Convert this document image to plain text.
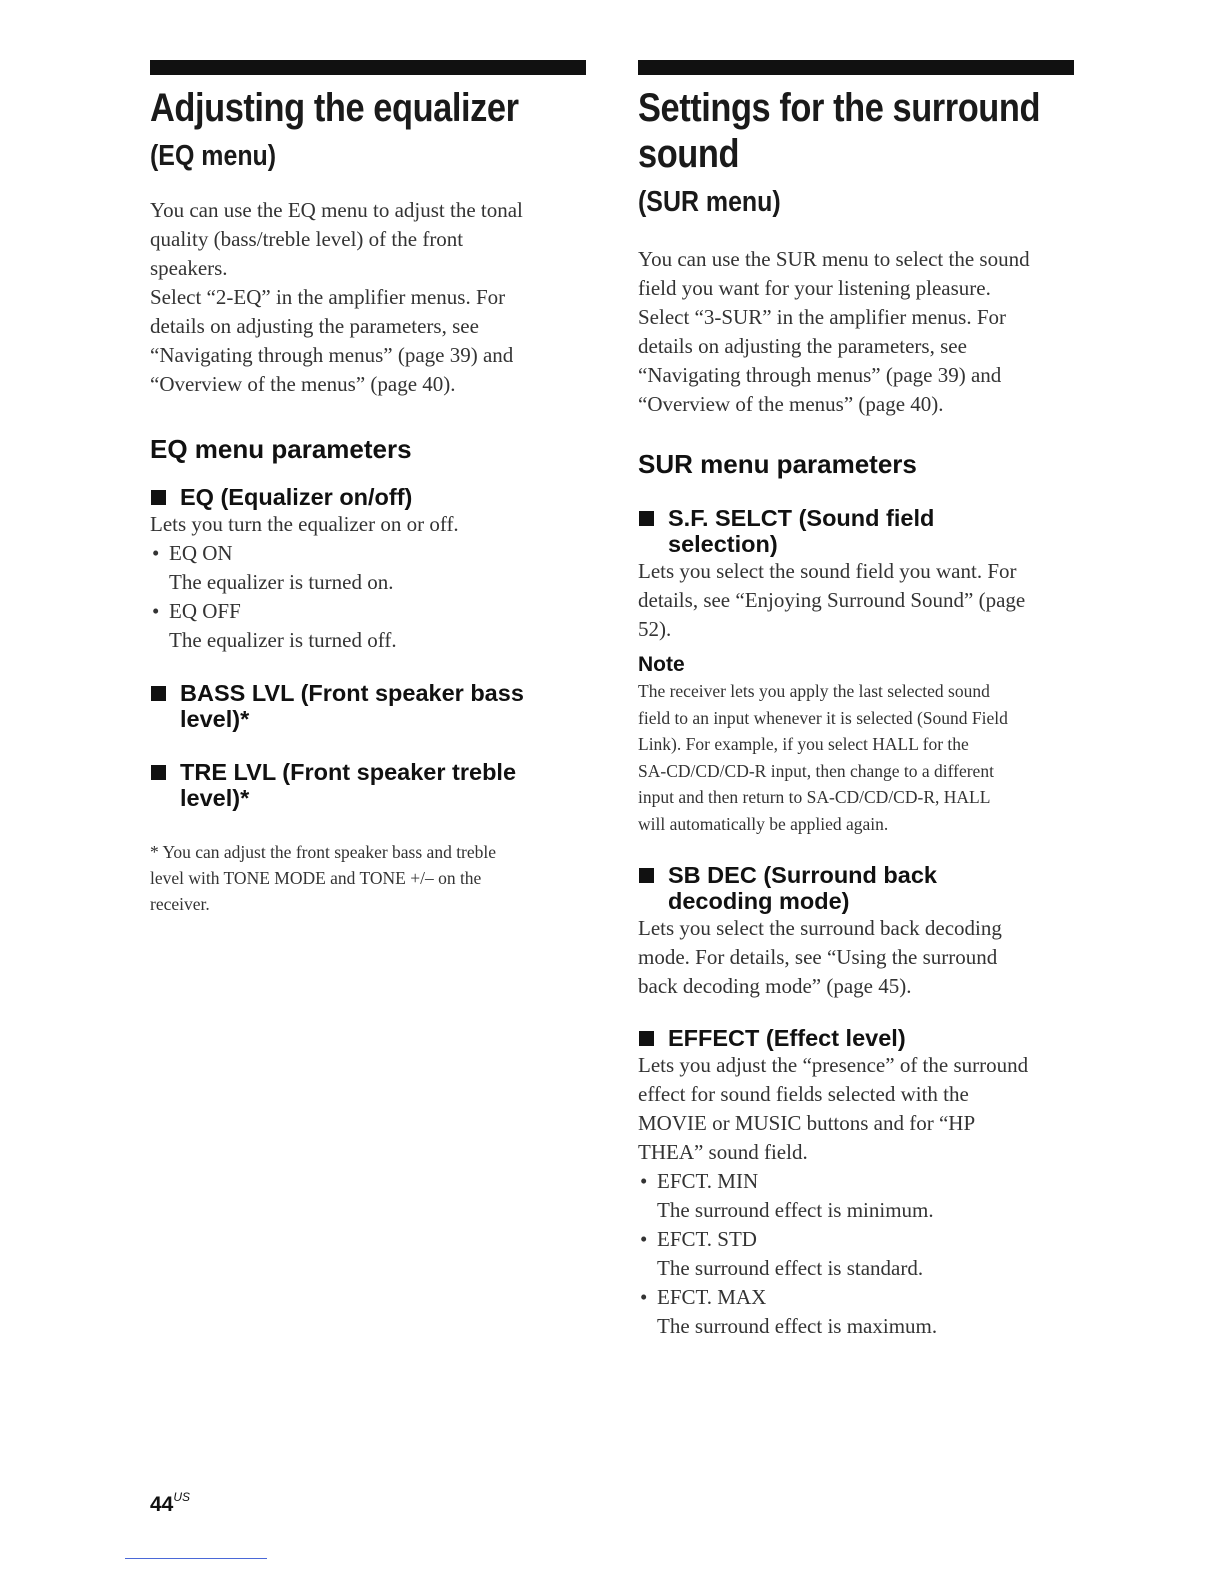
Adjusting the equalizer
(EQ menu)
You can use the EQ menu to adjust the tonal
quality (bass/treble level) of the front
speakers.
Select “2-EQ” in the amplifier menus. For
details on adjusting the parameters, see
“Navigating through menus” (page 39) and
“Overview of the menus” (page 40).
EQ menu parameters
EQ (Equalizer on/off)
Lets you turn the equalizer on or off.
• EQ ON
The equalizer is turned on.
• EQ OFF
The equalizer is turned off.
BASS LVL (Front speaker bass
level)*
TRE LVL (Front speaker treble
level)*
* You can adjust the front speaker bass and treble
level with TONE MODE and TONE +/– on the
receiver.
Settings for the surround
sound
(SUR menu)
You can use the SUR menu to select the sound
field you want for your listening pleasure.
Select “3-SUR” in the amplifier menus. For
details on adjusting the parameters, see
“Navigating through menus” (page 39) and
“Overview of the menus” (page 40).
SUR menu parameters
S.F. SELCT (Sound field
selection)
Lets you select the sound field you want. For
details, see “Enjoying Surround Sound” (page
52).
Note
The receiver lets you apply the last selected sound
field to an input whenever it is selected (Sound Field
Link). For example, if you select HALL for the
SA-CD/CD/CD-R input, then change to a different
input and then return to SA-CD/CD/CD-R, HALL
will automatically be applied again.
SB DEC (Surround back
decoding mode)
Lets you select the surround back decoding
mode. For details, see “Using the surround
back decoding mode” (page 45).
EFFECT (Effect level)
Lets you adjust the “presence” of the surround
effect for sound fields selected with the
MOVIE or MUSIC buttons and for “HP
THEA” sound field.
• EFCT. MIN
The surround effect is minimum.
• EFCT. STD
The surround effect is standard.
• EFCT. MAX
The surround effect is maximum.
$44^{US}$
